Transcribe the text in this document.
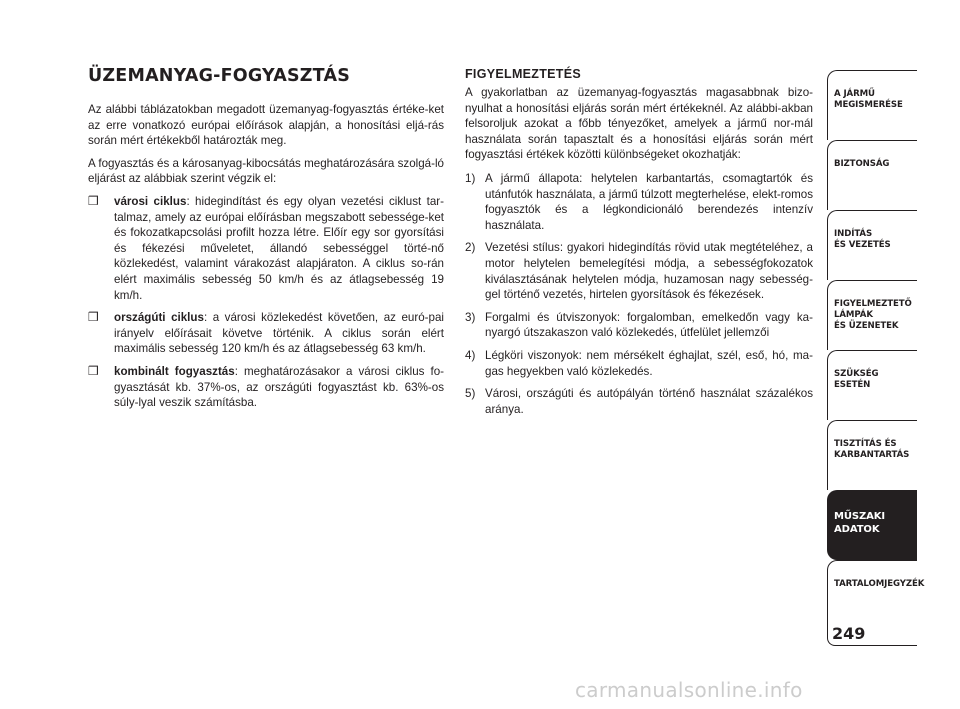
ÜZEMANYAG-FOGYASZTÁS

Az alábbi táblázatokban megadott üzemanyag-fogyasztás értéke-ket az erre vonatkozó európai előírások alapján, a honosítási eljá-rás során mért értékekből határozták meg.

A fogyasztás és a károsanyag-kibocsátás meghatározására szolgá-ló eljárást az alábbiak szerint végzik el:

❒ városi ciklus: hidegindítást és egy olyan vezetési ciklust tar-talmaz, amely az európai előírásban megszabott sebessége-ket és fokozatkapcsolási profilt hozza létre. Előír egy sor gyorsítási és fékezési műveletet, állandó sebességgel törté-nő közlekedést, valamint várakozást alapjáraton. A ciklus so-rán elért maximális sebesség 50 km/h és az átlagsebesség 19 km/h.
❒ országúti ciklus: a városi közlekedést követően, az euró-pai irányelv előírásait követve történik. A ciklus során elért maximális sebesség 120 km/h és az átlagsebesség 63 km/h.
❒ kombinált fogyasztás: meghatározásakor a városi ciklus fo-gyasztását kb. 37%-os, az országúti fogyasztást kb. 63%-os súly-lyal veszik számításba.
FIGYELMEZTETÉS

A gyakorlatban az üzemanyag-fogyasztás magasabbnak bizo-nyulhat a honosítási eljárás során mért értékeknél. Az alábbi-akban felsoroljuk azokat a főbb tényezőket, amelyek a jármű nor-mál használata során tapasztalt és a honosítási eljárás során mért fogyasztási értékek közötti különbségeket okozhatják:

1) A jármű állapota: helytelen karbantartás, csomagtartók és utánfutók használata, a jármű túlzott megterhelése, elekt-romos fogyasztók és a légkondicionáló berendezés intenzív használata.
2) Vezetési stílus: gyakori hidegindítás rövid utak megtételéhez, a motor helytelen bemelegítési módja, a sebességfokozatok kiválasztásának helytelen módja, huzamosan nagy sebesség-gel történő vezetés, hirtelen gyorsítások és fékezések.
3) Forgalmi és útviszonyok: forgalomban, emelkedőn vagy ka-nyargó útszakaszon való közlekedés, útfelület jellemzői
4) Légköri viszonyok: nem mérsékelt éghajlat, szél, eső, hó, ma-gas hegyekben való közlekedés.
5) Városi, országúti és autópályán történő használat százalékos aránya.
A JÁRMŰ
MEGISMERÉSE
BIZTONSÁG
INDÍTÁS
ÉS VEZETÉS
FIGYELMEZTETŐ
LÁMPÁK
ÉS ÜZENETEK
SZÜKSÉG
ESETÉN
TISZTÍTÁS ÉS
KARBANTARTÁS
MŰSZAKI
ADATOK
TARTALOMJEGYZÉK
249
carmanualsonline.info
